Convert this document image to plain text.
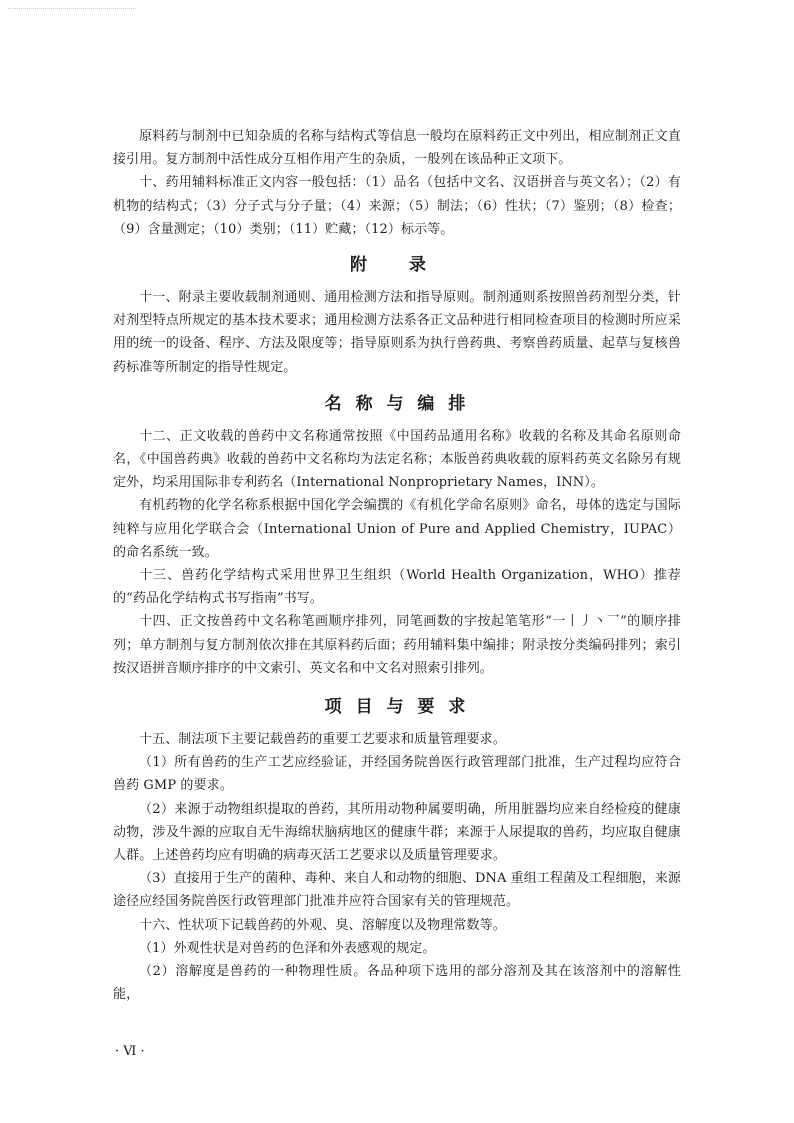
原料药与制剂中已知杂质的名称与结构式等信息一般均在原料药正文中列出，相应制剂正文直接引用。复方制剂中活性成分互相作用产生的杂质，一般列在该品种正文项下。

十、药用辅料标准正文内容一般包括：（1）品名（包括中文名、汉语拼音与英文名）；（2）有机物的结构式；（3）分子式与分子量；（4）来源；（5）制法；（6）性状；（7）鉴别；（8）检查；（9）含量测定；（10）类别；（11）贮藏；（12）标示等。

附 录

十一、附录主要收载制剂通则、通用检测方法和指导原则。制剂通则系按照兽药剂型分类，针对剂型特点所规定的基本技术要求；通用检测方法系各正文品种进行相同检查项目的检测时所应采用的统一的设备、程序、方法及限度等；指导原则系为执行兽药典、考察兽药质量、起草与复核兽药标准等所制定的指导性规定。

名 称 与 编 排

十二、正文收载的兽药中文名称通常按照《中国药品通用名称》收载的名称及其命名原则命名，《中国兽药典》收载的兽药中文名称均为法定名称；本版兽药典收载的原料药英文名除另有规定外，均采用国际非专利药名（International Nonproprietary Names，INN）。

有机药物的化学名称系根据中国化学会编撰的《有机化学命名原则》命名，母体的选定与国际纯粹与应用化学联合会（International Union of Pure and Applied Chemistry，IUPAC）的命名系统一致。

十三、兽药化学结构式采用世界卫生组织（World Health Organization，WHO）推荐的“药品化学结构式书写指南”书写。

十四、正文按兽药中文名称笔画顺序排列，同笔画数的字按起笔笔形“一丨丿丶乛”的顺序排列；单方制剂与复方制剂依次排在其原料药后面；药用辅料集中编排；附录按分类编码排列；索引按汉语拼音顺序排序的中文索引、英文名和中文名对照索引排列。

项 目 与 要 求

十五、制法项下主要记载兽药的重要工艺要求和质量管理要求。

（1）所有兽药的生产工艺应经验证，并经国务院兽医行政管理部门批准，生产过程均应符合兽药 GMP 的要求。

（2）来源于动物组织提取的兽药，其所用动物种属要明确，所用脏器均应来自经检疫的健康动物，涉及牛源的应取自无牛海绵状脑病地区的健康牛群；来源于人尿提取的兽药，均应取自健康人群。上述兽药均应有明确的病毒灭活工艺要求以及质量管理要求。

（3）直接用于生产的菌种、毒种、来自人和动物的细胞、DNA 重组工程菌及工程细胞，来源途径应经国务院兽医行政管理部门批准并应符合国家有关的管理规范。

十六、性状项下记载兽药的外观、臭、溶解度以及物理常数等。

（1）外观性状是对兽药的色泽和外表感观的规定。

（2）溶解度是兽药的一种物理性质。各品种项下选用的部分溶剂及其在该溶剂中的溶解性能，

· Ⅵ ·
